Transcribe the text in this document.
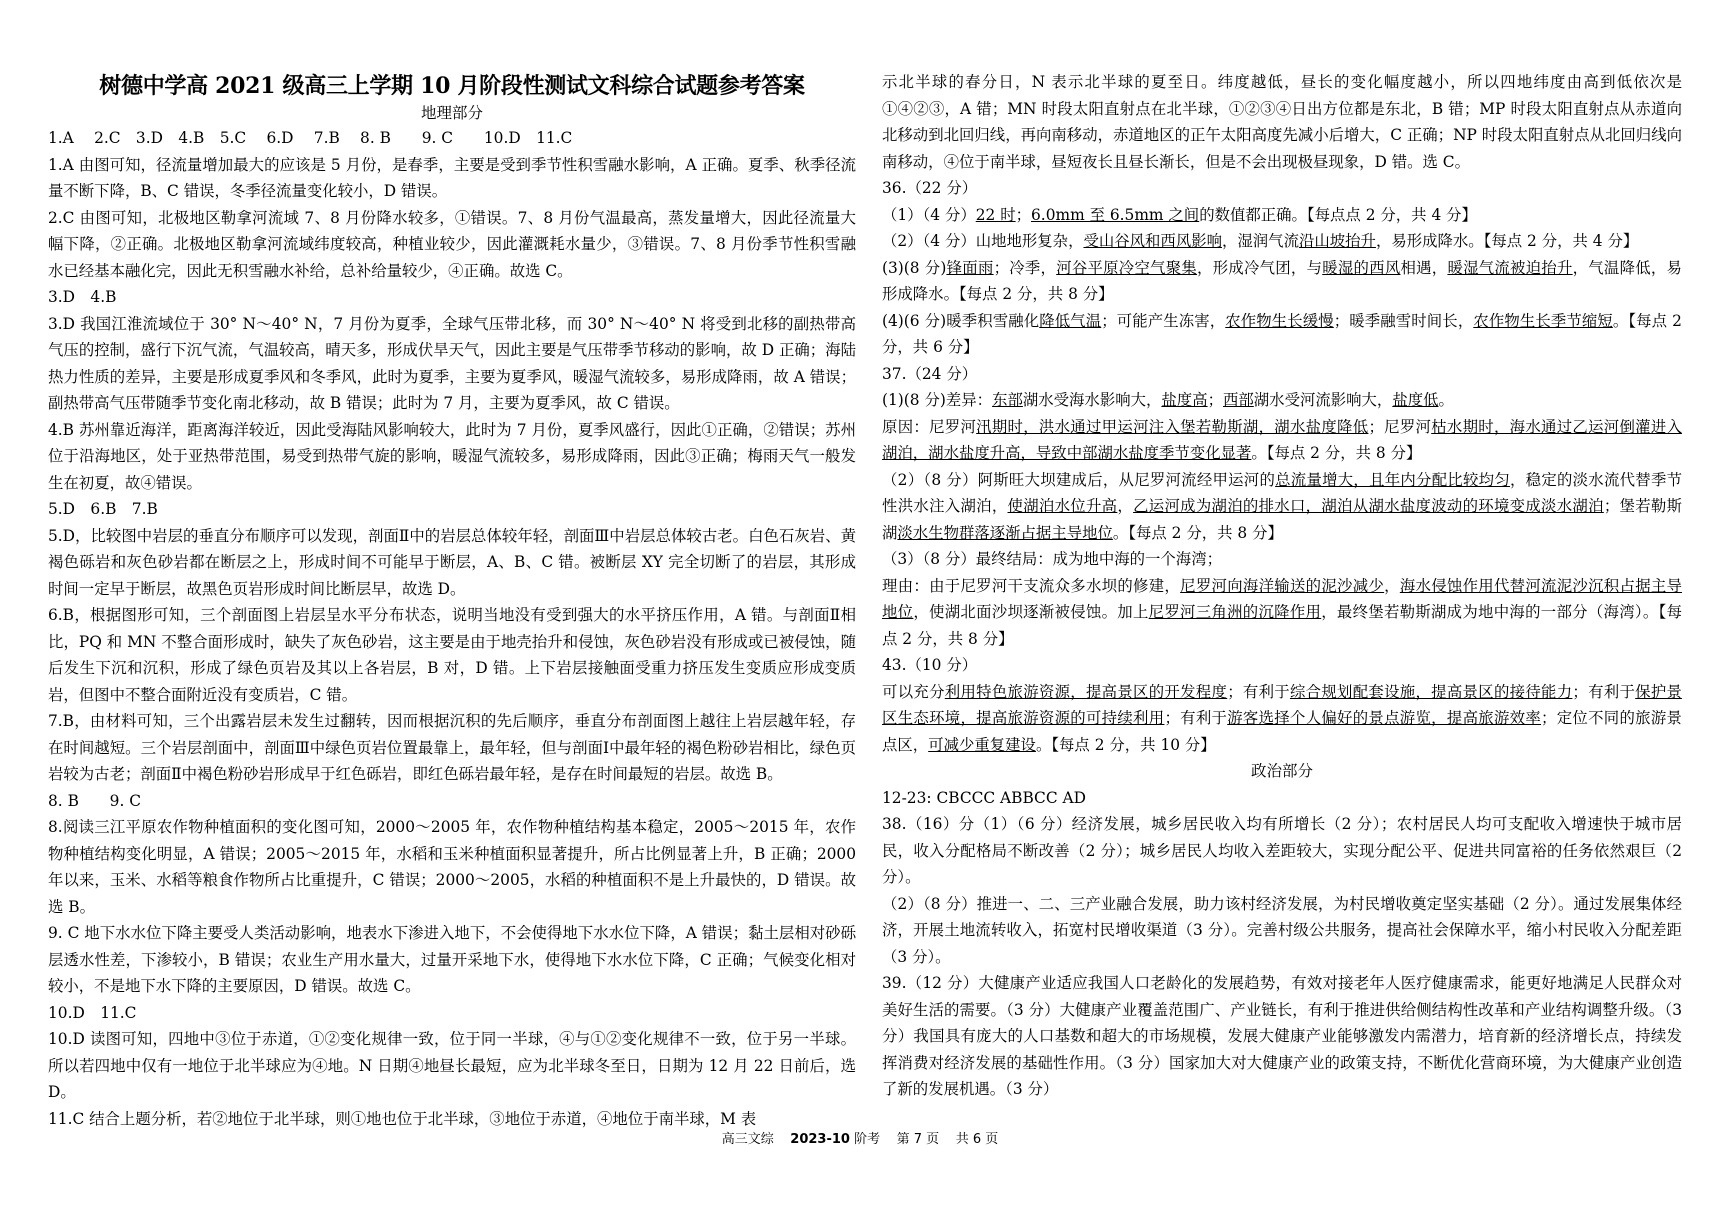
树德中学高 2021 级高三上学期 10 月阶段性测试文科综合试题参考答案
地理部分

1.A　 2.C　3.D　4.B　5.C　 6.D　 7.B　 8. B　　9. C　　10.D　11.C

1.A 由图可知，径流量增加最大的应该是 5 月份，是春季，主要是受到季节性积雪融水影响，A 正确。夏季、秋季径流量不断下降，B、C 错误，冬季径流量变化较小，D 错误。

2.C 由图可知，北极地区勒拿河流域 7、8 月份降水较多，①错误。7、8 月份气温最高，蒸发量增大，因此径流量大幅下降，②正确。北极地区勒拿河流域纬度较高，种植业较少，因此灌溉耗水量少，③错误。7、8 月份季节性积雪融水已经基本融化完，因此无积雪融水补给，总补给量较少，④正确。故选 C。

3.D　4.B

3.D 我国江淮流域位于 30° N～40° N，7 月份为夏季，全球气压带北移，而 30° N～40° N 将受到北移的副热带高气压的控制，盛行下沉气流，气温较高，晴天多，形成伏旱天气，因此主要是气压带季节移动的影响，故 D 正确；海陆热力性质的差异，主要是形成夏季风和冬季风，此时为夏季，主要为夏季风，暖湿气流较多，易形成降雨，故 A 错误；副热带高气压带随季节变化南北移动，故 B 错误；此时为 7 月，主要为夏季风，故 C 错误。

4.B 苏州靠近海洋，距离海洋较近，因此受海陆风影响较大，此时为 7 月份，夏季风盛行，因此①正确，②错误；苏州位于沿海地区，处于亚热带范围，易受到热带气旋的影响，暖湿气流较多，易形成降雨，因此③正确；梅雨天气一般发生在初夏，故④错误。

5.D　6.B　7.B

5.D，比较图中岩层的垂直分布顺序可以发现，剖面Ⅱ中的岩层总体较年轻，剖面Ⅲ中岩层总体较古老。白色石灰岩、黄褐色砾岩和灰色砂岩都在断层之上，形成时间不可能早于断层，A、B、C 错。被断层 XY 完全切断了的岩层，其形成时间一定早于断层，故黑色页岩形成时间比断层早，故选 D。

6.B，根据图形可知，三个剖面图上岩层呈水平分布状态，说明当地没有受到强大的水平挤压作用，A 错。与剖面Ⅱ相比，PQ 和 MN 不整合面形成时，缺失了灰色砂岩，这主要是由于地壳抬升和侵蚀，灰色砂岩没有形成或已被侵蚀，随后发生下沉和沉积，形成了绿色页岩及其以上各岩层，B 对，D 错。上下岩层接触面受重力挤压发生变质应形成变质岩，但图中不整合面附近没有变质岩，C 错。

7.B，由材料可知，三个出露岩层未发生过翻转，因而根据沉积的先后顺序，垂直分布剖面图上越往上岩层越年轻，存在时间越短。三个岩层剖面中，剖面Ⅲ中绿色页岩位置最靠上，最年轻，但与剖面Ⅰ中最年轻的褐色粉砂岩相比，绿色页岩较为古老；剖面Ⅱ中褐色粉砂岩形成早于红色砾岩，即红色砾岩最年轻，是存在时间最短的岩层。故选 B。

8. B　　9. C

8.阅读三江平原农作物种植面积的变化图可知，2000～2005 年，农作物种植结构基本稳定，2005～2015 年，农作物种植结构变化明显，A 错误；2005～2015 年，水稻和玉米种植面积显著提升，所占比例显著上升，B 正确；2000 年以来，玉米、水稻等粮食作物所占比重提升，C 错误；2000～2005，水稻的种植面积不是上升最快的，D 错误。故选 B。

9. C 地下水水位下降主要受人类活动影响，地表水下渗进入地下，不会使得地下水水位下降，A 错误；黏土层相对砂砾层透水性差，下渗较小，B 错误；农业生产用水量大，过量开采地下水，使得地下水水位下降，C 正确；气候变化相对较小，不是地下水下降的主要原因，D 错误。故选 C。

10.D　11.C

10.D 读图可知，四地中③位于赤道，①②变化规律一致，位于同一半球，④与①②变化规律不一致，位于另一半球。所以若四地中仅有一地位于北半球应为④地。N 日期④地昼长最短，应为北半球冬至日，日期为 12 月 22 日前后，选 D。

11.C 结合上题分析，若②地位于北半球，则①地也位于北半球，③地位于赤道，④地位于南半球，M 表

示北半球的春分日，N 表示北半球的夏至日。纬度越低，昼长的变化幅度越小，所以四地纬度由高到低依次是①④②③，A 错；MN 时段太阳直射点在北半球，①②③④日出方位都是东北，B 错；MP 时段太阳直射点从赤道向北移动到北回归线，再向南移动，赤道地区的正午太阳高度先减小后增大，C 正确；NP 时段太阳直射点从北回归线向南移动，④位于南半球，昼短夜长且昼长渐长，但是不会出现极昼现象，D 错。选 C。

36.（22 分）

（1）（4 分）22 时；6.0mm 至 6.5mm 之间的数值都正确。【每点点 2 分，共 4 分】

（2）（4 分）山地地形复杂，受山谷风和西风影响，湿润气流沿山坡抬升，易形成降水。【每点 2 分，共 4 分】

(3)(8 分)锋面雨；冷季，河谷平原冷空气聚集，形成冷气团，与暖湿的西风相遇，暖湿气流被迫抬升，气温降低，易形成降水。【每点 2 分，共 8 分】

(4)(6 分)暖季积雪融化降低气温；可能产生冻害，农作物生长缓慢；暖季融雪时间长，农作物生长季节缩短。【每点 2 分，共 6 分】

37.（24 分）

(1)(8 分)差异：东部湖水受海水影响大，盐度高；西部湖水受河流影响大，盐度低。

原因：尼罗河汛期时，洪水通过甲运河注入堡若勒斯湖，湖水盐度降低；尼罗河枯水期时，海水通过乙运河倒灌进入湖泊，湖水盐度升高，导致中部湖水盐度季节变化显著。【每点 2 分，共 8 分】

（2）（8 分）阿斯旺大坝建成后，从尼罗河流经甲运河的总流量增大，且年内分配比较均匀，稳定的淡水流代替季节性洪水注入湖泊，使湖泊水位升高，乙运河成为湖泊的排水口，湖泊从湖水盐度波动的环境变成淡水湖泊；堡若勒斯湖淡水生物群落逐渐占据主导地位。【每点 2 分，共 8 分】

（3）（8 分）最终结局：成为地中海的一个海湾；

理由：由于尼罗河干支流众多水坝的修建，尼罗河向海洋输送的泥沙减少，海水侵蚀作用代替河流泥沙沉积占据主导地位，使湖北面沙坝逐渐被侵蚀。加上尼罗河三角洲的沉降作用，最终堡若勒斯湖成为地中海的一部分（海湾）。【每点 2 分，共 8 分】

43.（10 分）

可以充分利用特色旅游资源，提高景区的开发程度；有利于综合规划配套设施，提高景区的接待能力；有利于保护景区生态环境，提高旅游资源的可持续利用；有利于游客选择个人偏好的景点游览，提高旅游效率；定位不同的旅游景点区，可减少重复建设。【每点 2 分，共 10 分】

政治部分

12-23: CBCCC ABBCC AD

38.（16）分（1）（6 分）经济发展，城乡居民收入均有所增长（2 分）；农村居民人均可支配收入增速快于城市居民，收入分配格局不断改善（2 分）；城乡居民人均收入差距较大，实现分配公平、促进共同富裕的任务依然艰巨（2 分）。

（2）（8 分）推进一、二、三产业融合发展，助力该村经济发展，为村民增收奠定坚实基础（2 分）。通过发展集体经济，开展土地流转收入，拓宽村民增收渠道（3 分）。完善村级公共服务，提高社会保障水平，缩小村民收入分配差距（3 分）。

39.（12 分）大健康产业适应我国人口老龄化的发展趋势，有效对接老年人医疗健康需求，能更好地满足人民群众对美好生活的需要。（3 分）大健康产业覆盖范围广、产业链长，有利于推进供给侧结构性改革和产业结构调整升级。（3 分）我国具有庞大的人口基数和超大的市场规模，发展大健康产业能够激发内需潜力，培育新的经济增长点，持续发挥消费对经济发展的基础性作用。（3 分）国家加大对大健康产业的政策支持，不断优化营商环境，为大健康产业创造了新的发展机遇。（3 分）

高三文综 2023-10 阶考 第 7 页 共 6 页
